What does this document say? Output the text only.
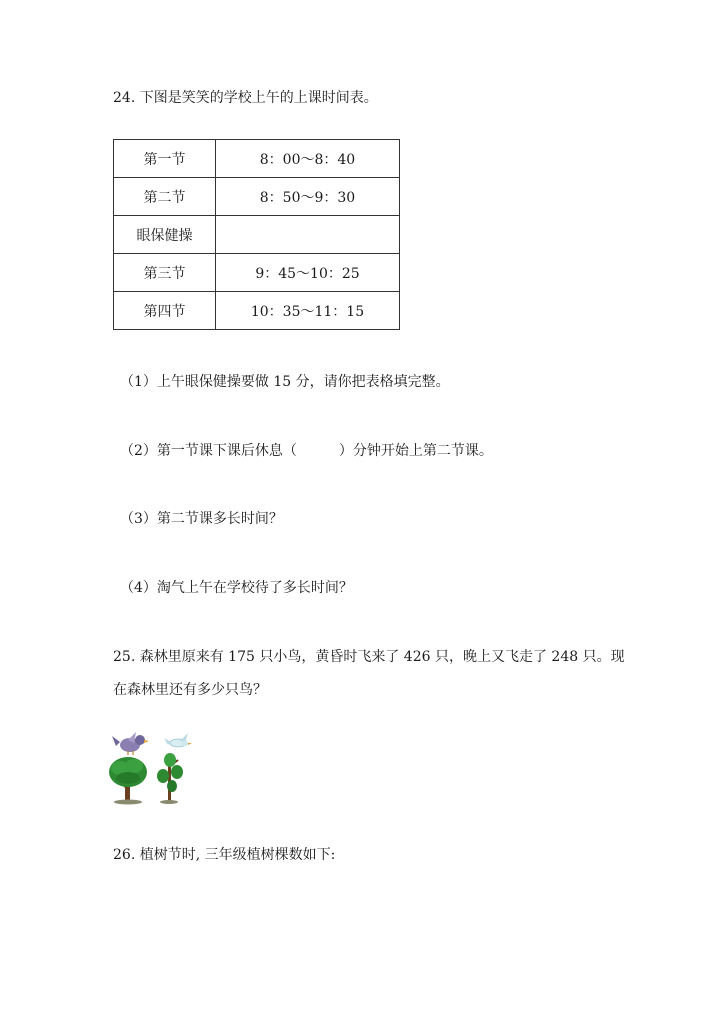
24. 下图是笑笑的学校上午的上课时间表。
第一节	8：00～8：40
第二节	8：50～9：30
眼保健操	
第三节	9：45～10：25
第四节	10：35～11：15
（1）上午眼保健操要做 15 分，请你把表格填完整。
（2）第一节课下课后休息（　　　）分钟开始上第二节课。
（3）第二节课多长时间？
（4）淘气上午在学校待了多长时间？
25. 森林里原来有 175 只小鸟，黄昏时飞来了 426 只，晚上又飞走了 248 只。现
在森林里还有多少只鸟？
26. 植树节时, 三年级植树棵数如下:
